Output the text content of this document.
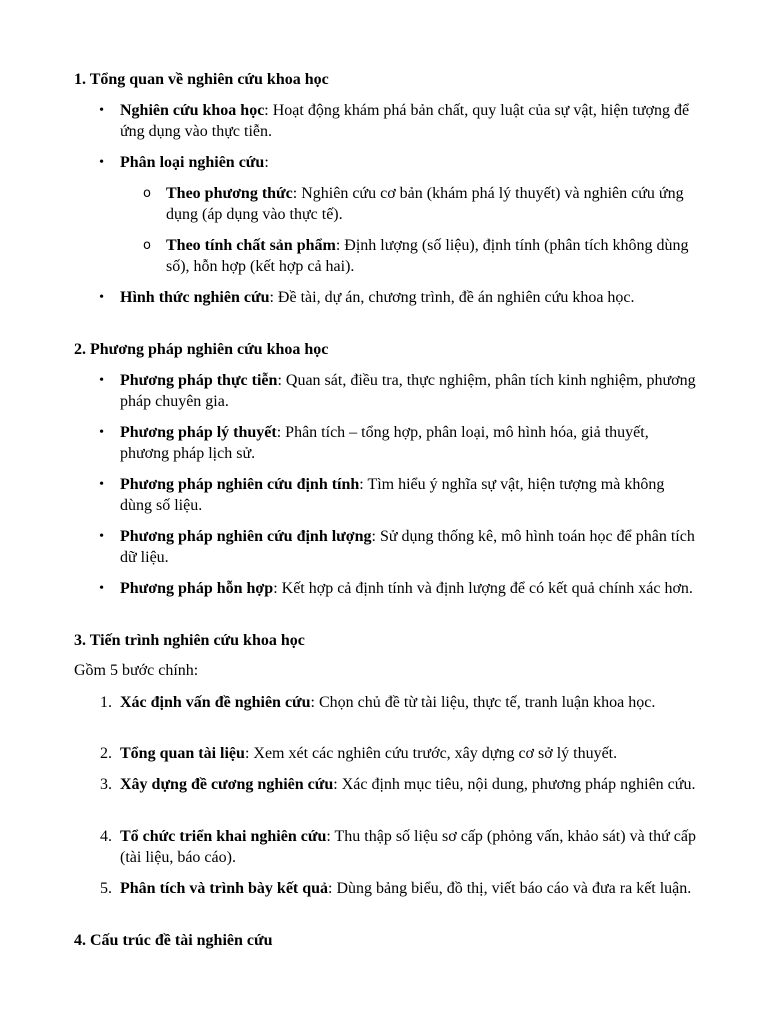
1. Tổng quan về nghiên cứu khoa học
• Nghiên cứu khoa học: Hoạt động khám phá bản chất, quy luật của sự vật, hiện tượng để ứng dụng vào thực tiễn.
• Phân loại nghiên cứu:
o Theo phương thức: Nghiên cứu cơ bản (khám phá lý thuyết) và nghiên cứu ứng dụng (áp dụng vào thực tế).
o Theo tính chất sản phẩm: Định lượng (số liệu), định tính (phân tích không dùng số), hỗn hợp (kết hợp cả hai).
• Hình thức nghiên cứu: Đề tài, dự án, chương trình, đề án nghiên cứu khoa học.
2. Phương pháp nghiên cứu khoa học
• Phương pháp thực tiễn: Quan sát, điều tra, thực nghiệm, phân tích kinh nghiệm, phương pháp chuyên gia.
• Phương pháp lý thuyết: Phân tích – tổng hợp, phân loại, mô hình hóa, giả thuyết, phương pháp lịch sử.
• Phương pháp nghiên cứu định tính: Tìm hiểu ý nghĩa sự vật, hiện tượng mà không dùng số liệu.
• Phương pháp nghiên cứu định lượng: Sử dụng thống kê, mô hình toán học để phân tích dữ liệu.
• Phương pháp hỗn hợp: Kết hợp cả định tính và định lượng để có kết quả chính xác hơn.
3. Tiến trình nghiên cứu khoa học

Gồm 5 bước chính:

1. Xác định vấn đề nghiên cứu: Chọn chủ đề từ tài liệu, thực tế, tranh luận khoa học.
2. Tổng quan tài liệu: Xem xét các nghiên cứu trước, xây dựng cơ sở lý thuyết.
3. Xây dựng đề cương nghiên cứu: Xác định mục tiêu, nội dung, phương pháp nghiên cứu.
4. Tổ chức triển khai nghiên cứu: Thu thập số liệu sơ cấp (phỏng vấn, khảo sát) và thứ cấp (tài liệu, báo cáo).
5. Phân tích và trình bày kết quả: Dùng bảng biểu, đồ thị, viết báo cáo và đưa ra kết luận.
4. Cấu trúc đề tài nghiên cứu
